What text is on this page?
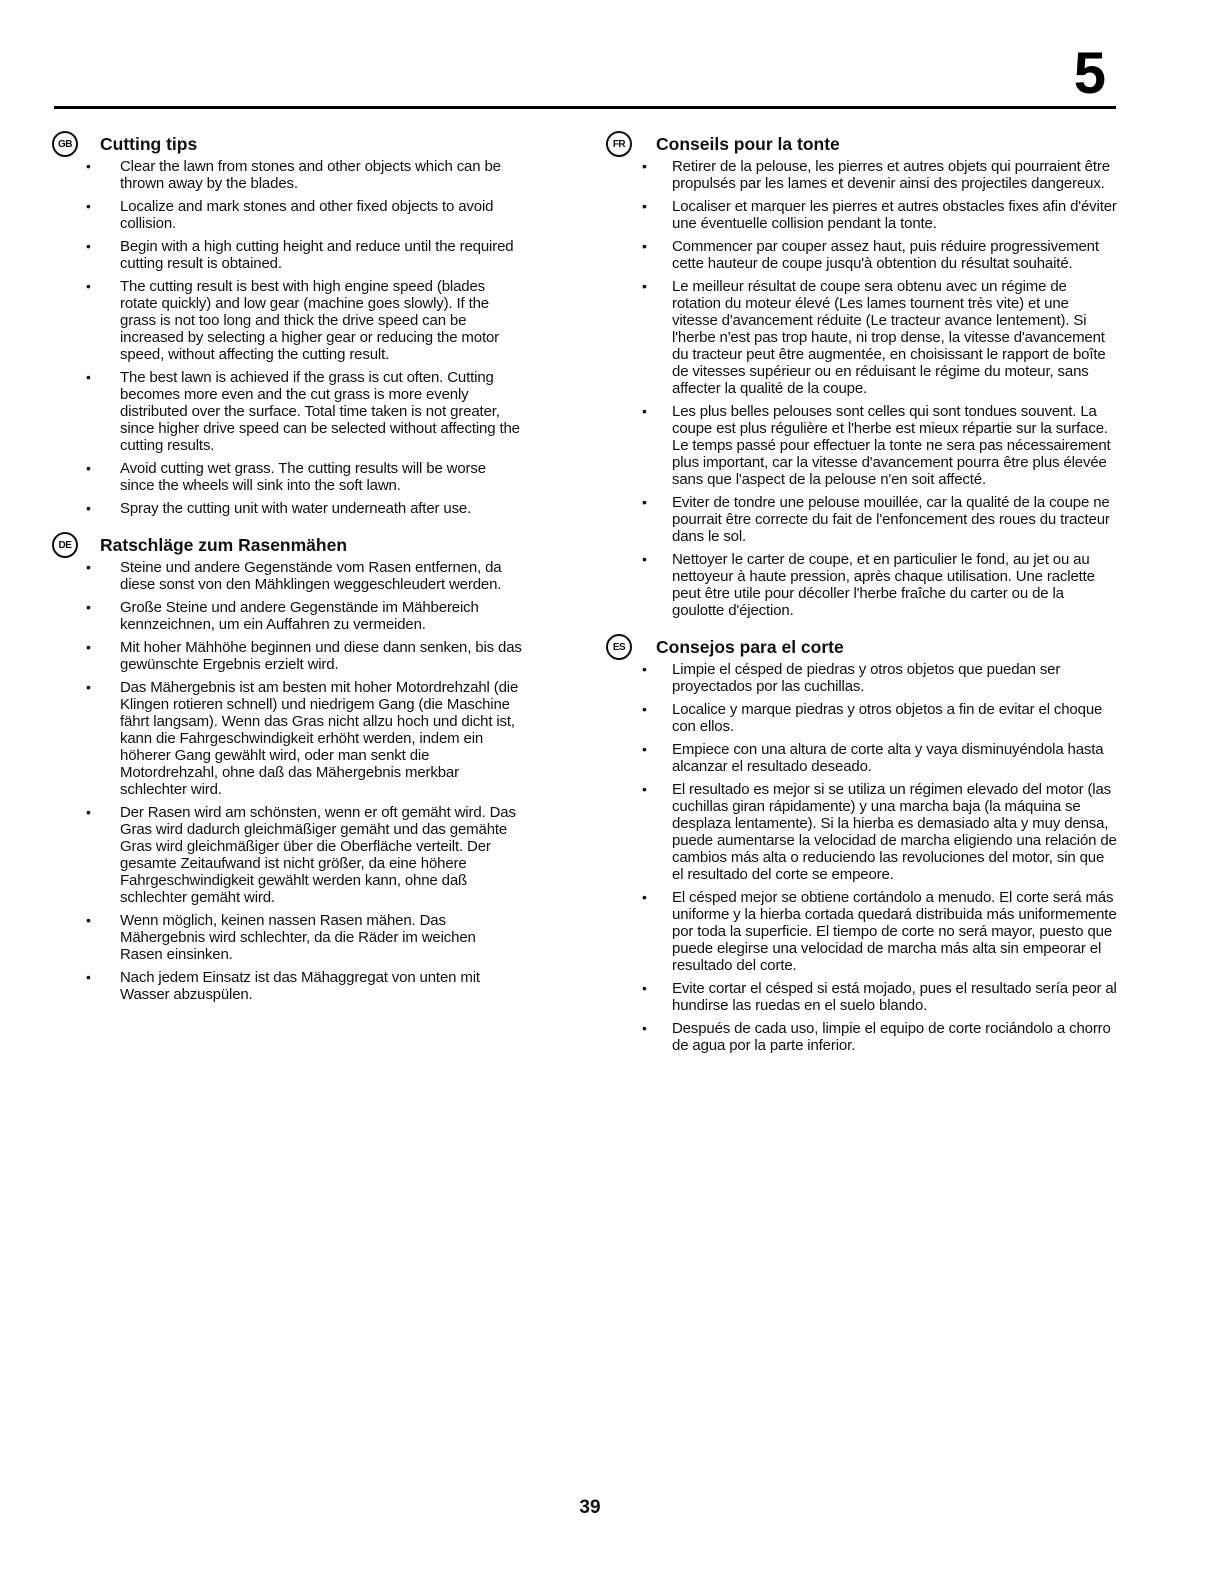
5
GB	Cutting tips
• Clear the lawn from stones and other objects which can be thrown away by the blades.
• Localize and mark stones and other fixed objects to avoid collision.
• Begin with a high cutting height and reduce until the required cutting result is obtained.
• The cutting result is best with high engine speed (blades rotate quickly) and low gear (machine goes slowly). If the grass is not too long and thick the drive speed can be increased by selecting a higher gear or reducing the motor speed, without affecting the cutting result.
• The best lawn is achieved if the grass is cut often. Cutting becomes more even and the cut grass is more evenly distributed over the surface. Total time taken is not greater, since higher drive speed can be selected without affecting the cutting results.
• Avoid cutting wet grass. The cutting results will be worse since the wheels will sink into the soft lawn.
• Spray the cutting unit with water underneath after use.
DE	Ratschläge zum Rasenmähen
• Steine und andere Gegenstände vom Rasen entfernen, da diese sonst von den Mähklingen weggeschleudert werden.
• Große Steine und andere Gegenstände im Mähbereich kennzeichnen, um ein Auffahren zu vermeiden.
• Mit hoher Mähhöhe beginnen und diese dann senken, bis das gewünschte Ergebnis erzielt wird.
• Das Mähergebnis ist am besten mit hoher Motordrehzahl (die Klingen rotieren schnell) und niedrigem Gang (die Maschine fährt langsam). Wenn das Gras nicht allzu hoch und dicht ist, kann die Fahrgeschwindigkeit erhöht werden, indem ein höherer Gang gewählt wird, oder man senkt die Motordrehzahl, ohne daß das Mähergebnis merkbar schlechter wird.
• Der Rasen wird am schönsten, wenn er oft gemäht wird. Das Gras wird dadurch gleichmäßiger gemäht und das gemähte Gras wird gleichmäßiger über die Oberfläche verteilt. Der gesamte Zeitaufwand ist nicht größer, da eine höhere Fahrgeschwindigkeit gewählt werden kann, ohne daß schlechter gemäht wird.
• Wenn möglich, keinen nassen Rasen mähen. Das Mähergebnis wird schlechter, da die Räder im weichen Rasen einsinken.
• Nach jedem Einsatz ist das Mähaggregat von unten mit Wasser abzuspülen.
FR	Conseils pour la tonte
• Retirer de la pelouse, les pierres et autres objets qui pourraient être propulsés par les lames et devenir ainsi des projectiles dangereux.
• Localiser et marquer les pierres et autres obstacles fixes afin d'éviter une éventuelle collision pendant la tonte.
• Commencer par couper assez haut, puis réduire progressivement cette hauteur de coupe jusqu'à obtention du résultat souhaité.
• Le meilleur résultat de coupe sera obtenu avec un régime de rotation du moteur élevé (Les lames tournent très vite) et une vitesse d'avancement réduite (Le tracteur avance lentement). Si l'herbe n'est pas trop haute, ni trop dense, la vitesse d'avancement du tracteur peut être augmentée, en choisissant le rapport de boîte de vitesses supérieur ou en réduisant le régime du moteur, sans affecter la qualité de la coupe.
• Les plus belles pelouses sont celles qui sont tondues souvent. La coupe est plus régulière et l'herbe est mieux répartie sur la surface. Le temps passé pour effectuer la tonte ne sera pas nécessairement plus important, car la vitesse d'avancement pourra être plus élevée sans que l'aspect de la pelouse n'en soit affecté.
• Eviter de tondre une pelouse mouillée, car la qualité de la coupe ne pourrait être correcte du fait de l'enfoncement des roues du tracteur dans le sol.
• Nettoyer le carter de coupe, et en particulier le fond, au jet ou au nettoyeur à haute pression, après chaque utilisation. Une raclette peut être utile pour décoller l'herbe fraîche du carter ou de la goulotte d'éjection.
ES	Consejos para el corte
• Limpie el césped de piedras y otros objetos que puedan ser proyectados por las cuchillas.
• Localice y marque piedras y otros objetos a fin de evitar el choque con ellos.
• Empiece con una altura de corte alta y vaya disminuyéndola hasta alcanzar el resultado deseado.
• El resultado es mejor si se utiliza un régimen elevado del motor (las cuchillas giran rápidamente) y una marcha baja (la máquina se desplaza lentamente). Si la hierba es demasiado alta y muy densa, puede aumentarse la velocidad de marcha eligiendo una relación de cambios más alta o reduciendo las revoluciones del motor, sin que el resultado del corte se empeore.
• El césped mejor se obtiene cortándolo a menudo. El corte será más uniforme y la hierba cortada quedará distribuida más uniformemente por toda la superficie. El tiempo de corte no será mayor, puesto que puede elegirse una velocidad de marcha más alta sin empeorar el resultado del corte.
• Evite cortar el césped si está mojado, pues el resultado sería peor al hundirse las ruedas en el suelo blando.
• Después de cada uso, limpie el equipo de corte rociándolo a chorro de agua por la parte inferior.
39
